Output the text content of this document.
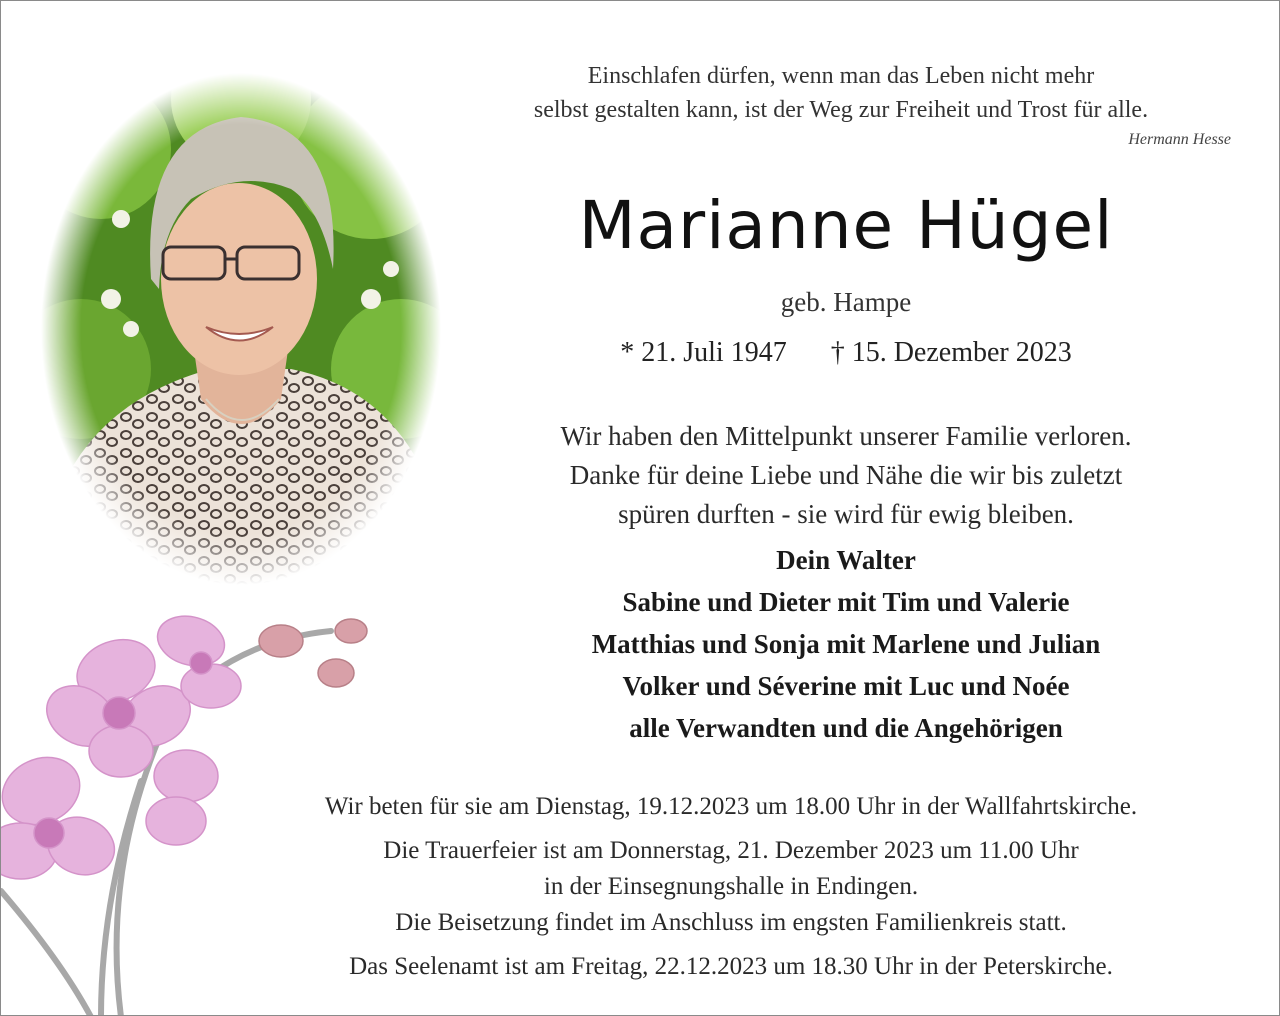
Einschlafen dürfen, wenn man das Leben nicht mehr
selbst gestalten kann, ist der Weg zur Freiheit und Trost für alle.
Hermann Hesse
Marianne Hügel
geb. Hampe
* 21. Juli 1947 † 15. Dezember 2023
Wir haben den Mittelpunkt unserer Familie verloren.
Danke für deine Liebe und Nähe die wir bis zuletzt
spüren durften - sie wird für ewig bleiben.
Dein Walter
Sabine und Dieter mit Tim und Valerie
Matthias und Sonja mit Marlene und Julian
Volker und Séverine mit Luc und Noée
alle Verwandten und die Angehörigen
Wir beten für sie am Dienstag, 19.12.2023 um 18.00 Uhr in der Wallfahrtskirche.
Die Trauerfeier ist am Donnerstag, 21. Dezember 2023 um 11.00 Uhr
in der Einsegnungshalle in Endingen.
Die Beisetzung findet im Anschluss im engsten Familienkreis statt.
Das Seelenamt ist am Freitag, 22.12.2023 um 18.30 Uhr in der Peterskirche.
